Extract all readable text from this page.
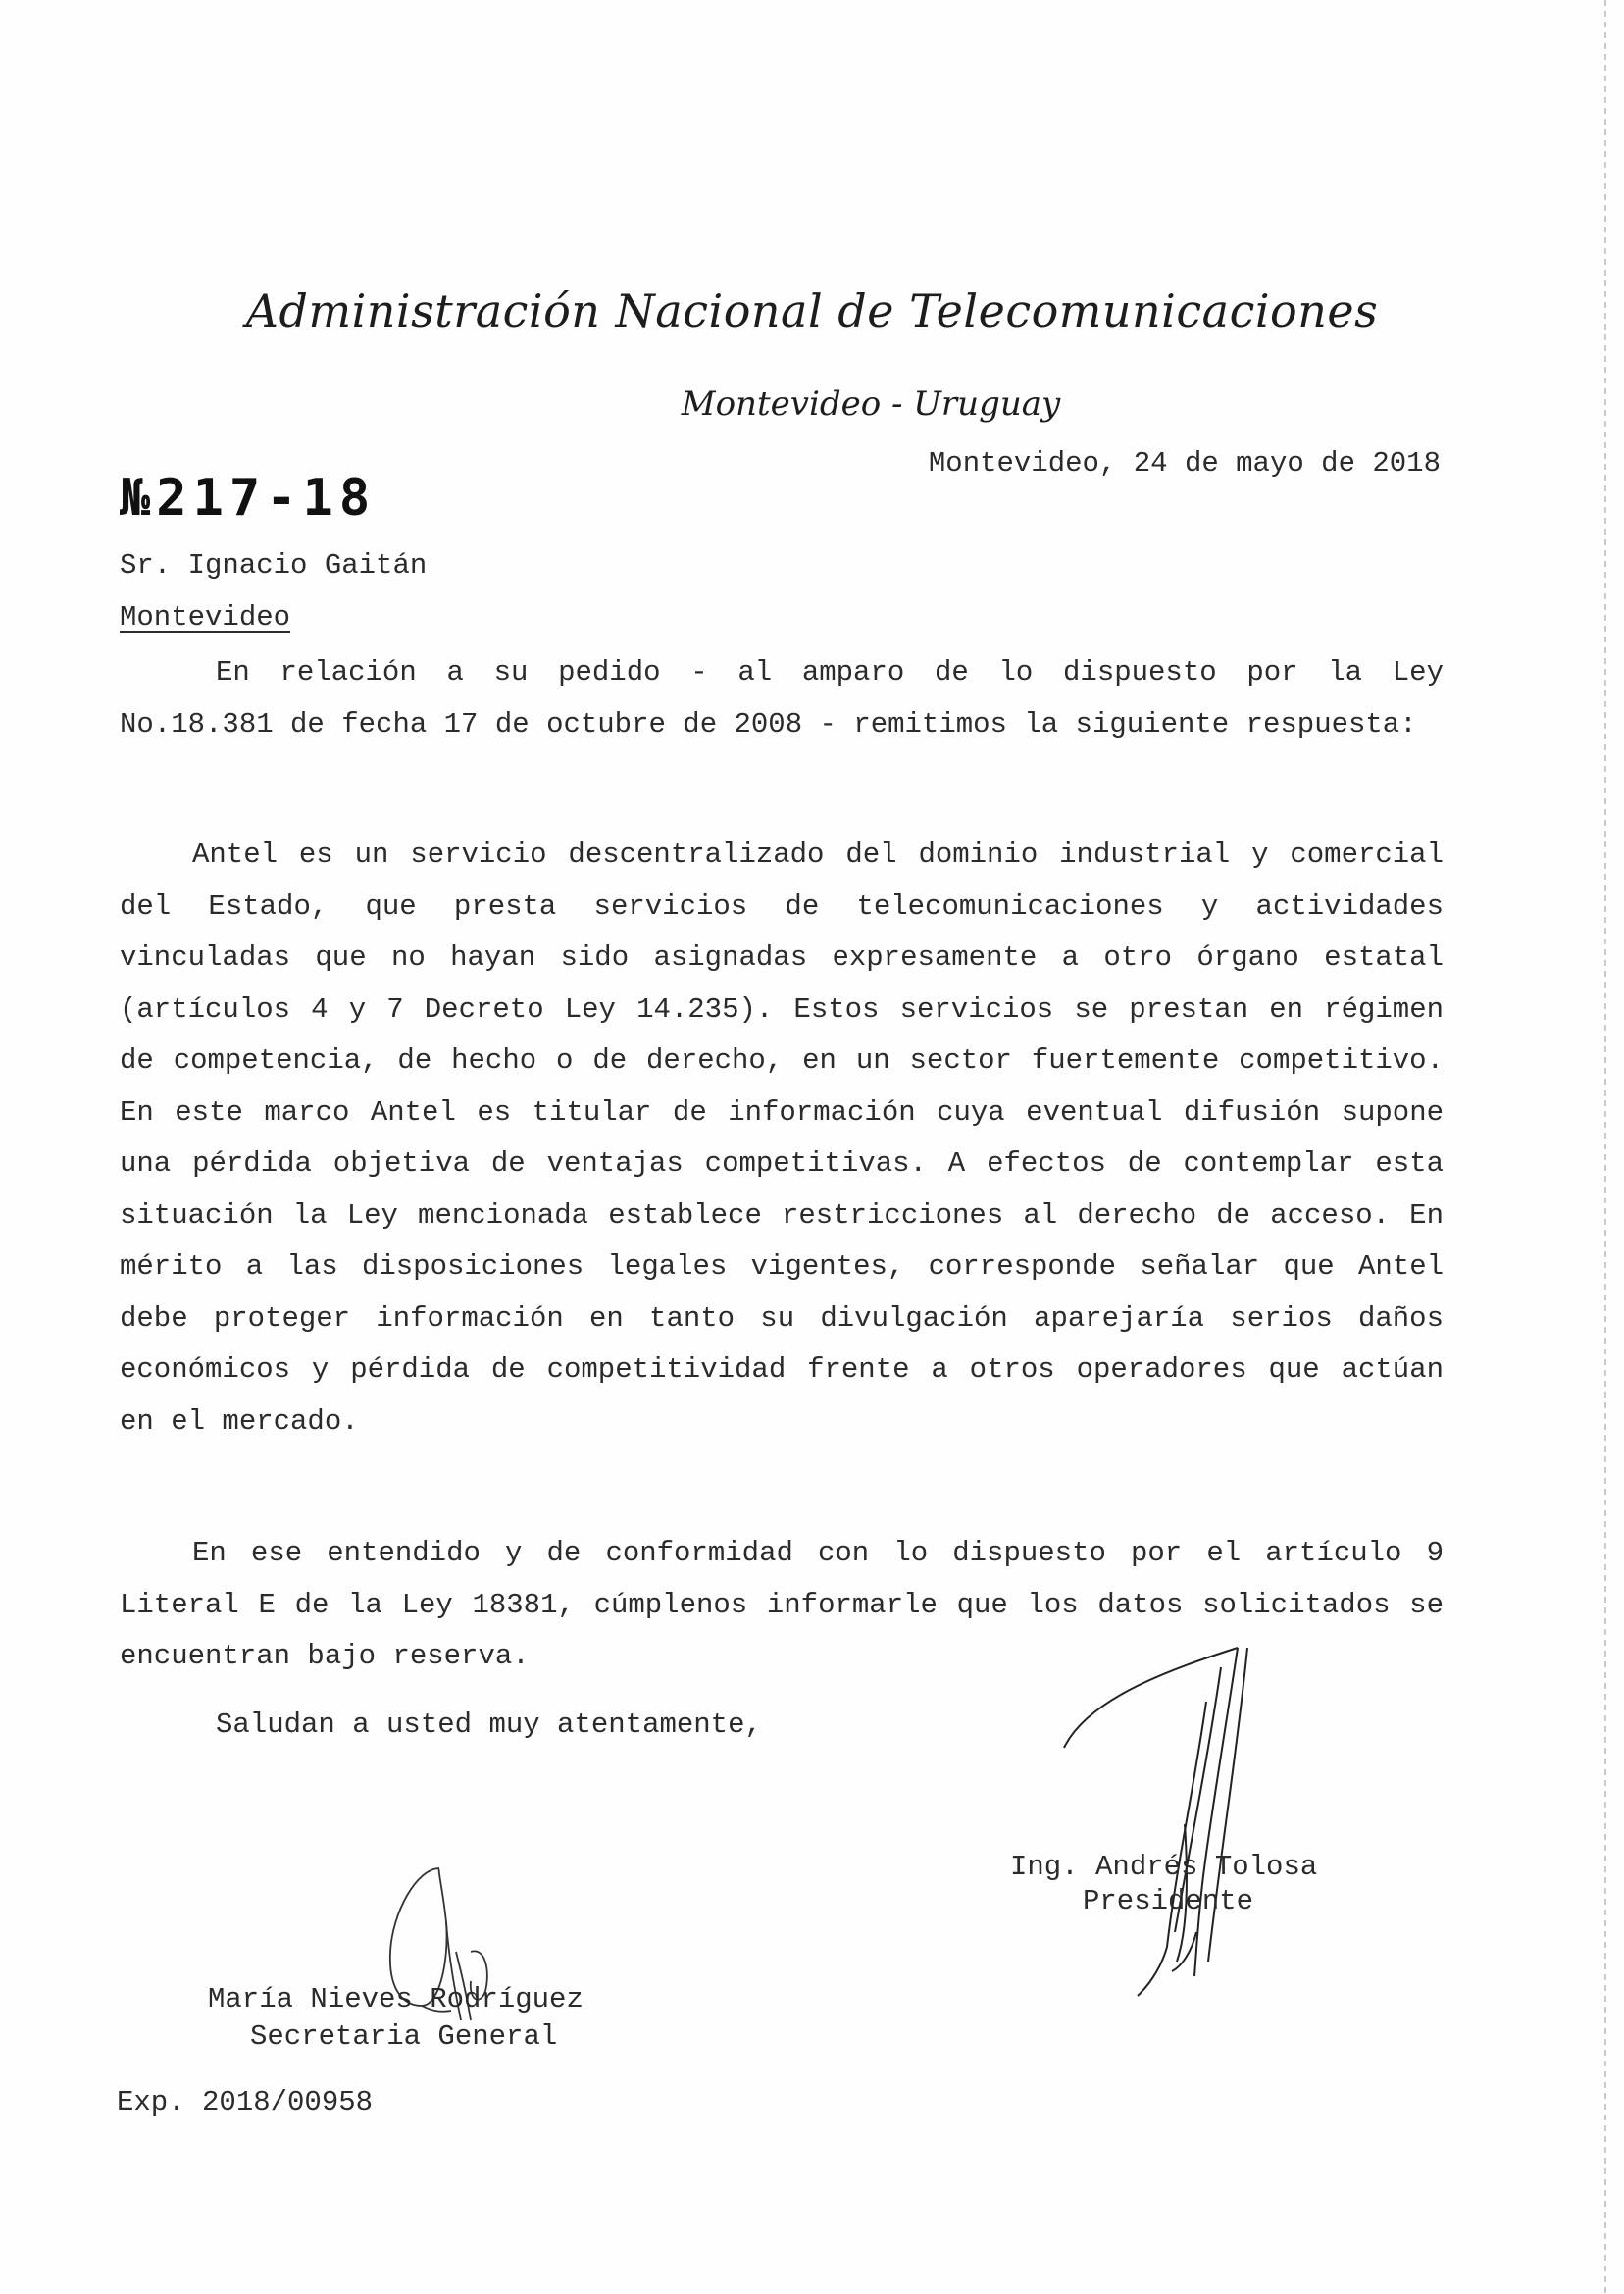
Administración Nacional de Telecomunicaciones
Montevideo - Uruguay
Montevideo, 24 de mayo de 2018
№217-18
Sr. Ignacio Gaitán
Montevideo
En relación a su pedido - al amparo de lo dispuesto por la Ley No.18.381 de fecha 17 de octubre de 2008 - remitimos la siguiente respuesta:
Antel es un servicio descentralizado del dominio industrial y comercial del Estado, que presta servicios de telecomunicaciones y actividades vinculadas que no hayan sido asignadas expresamente a otro órgano estatal (artículos 4 y 7 Decreto Ley 14.235). Estos servicios se prestan en régimen de competencia, de hecho o de derecho, en un sector fuertemente competitivo. En este marco Antel es titular de información cuya eventual difusión supone una pérdida objetiva de ventajas competitivas. A efectos de contemplar esta situación la Ley mencionada establece restricciones al derecho de acceso. En mérito a las disposiciones legales vigentes, corresponde señalar que Antel debe proteger información en tanto su divulgación aparejaría serios daños económicos y pérdida de competitividad frente a otros operadores que actúan en el mercado.
En ese entendido y de conformidad con lo dispuesto por el artículo 9 Literal E de la Ley 18381, cúmplenos informarle que los datos solicitados se encuentran bajo reserva.
Saludan a usted muy atentamente,
María Nieves Rodríguez
Secretaria General
Ing. Andrés Tolosa
Presidente
Exp. 2018/00958
